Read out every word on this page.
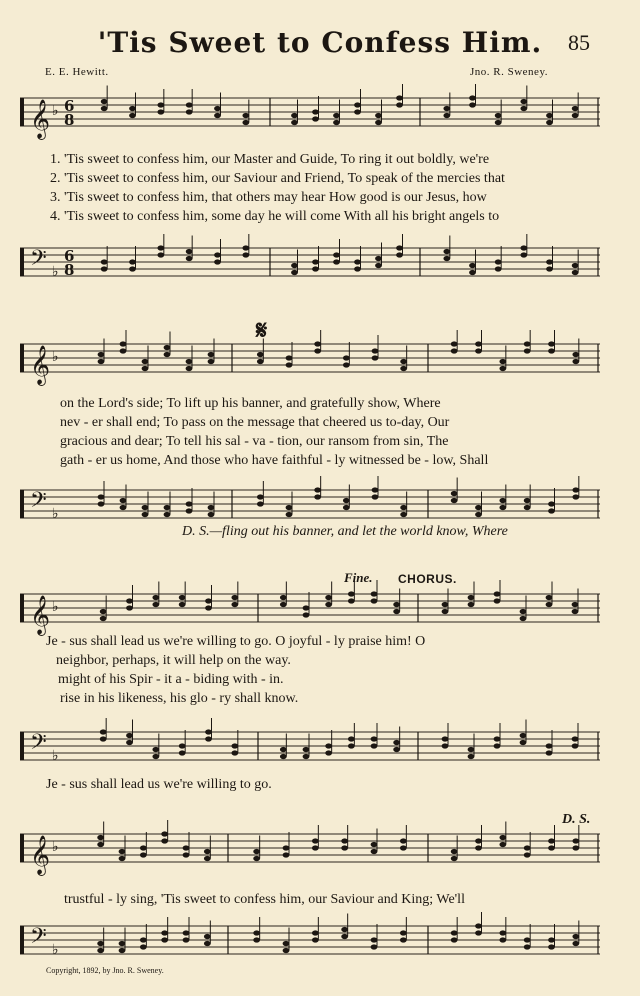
'Tis Sweet to Confess Him.	85
E. E. Hewitt.	Jno. R. Sweney.
𝄞 ♭ 6
8
1. 'Tis sweet to confess him, our Master and Guide, To ring it out boldly, we're
2. 'Tis sweet to confess him, our Saviour and Friend, To speak of the mercies that
3. 'Tis sweet to confess him, that others may hear How good is our Jesus, how
4. 'Tis sweet to confess him, some day he will come With all his bright angels to
𝄢 ♭
6
8
𝄋
𝄞 ♭
on the Lord's side; To lift up his banner, and gratefully show, Where
nev - er shall end; To pass on the message that cheered us to-day, Our
gracious and dear; To tell his sal - va - tion, our ransom from sin, The
gath - er us home, And those who have faithful - ly witnessed be - low, Shall
𝄢 ♭
D. S.—fling out his banner, and let the world know, Where
Fine. CHORUS.
𝄞 ♭
Je - sus shall lead us we're willing to go. O joyful - ly praise him! O
neighbor, perhaps, it will help on the way.
might of his Spir - it a - biding with - in.
rise in his likeness, his glo - ry shall know.
𝄢 ♭
Je - sus shall lead us we're willing to go.
D. S.
𝄞 ♭
trustful - ly sing, 'Tis sweet to confess him, our Saviour and King; We'll
𝄢 ♭
Copyright, 1892, by Jno. R. Sweney.
